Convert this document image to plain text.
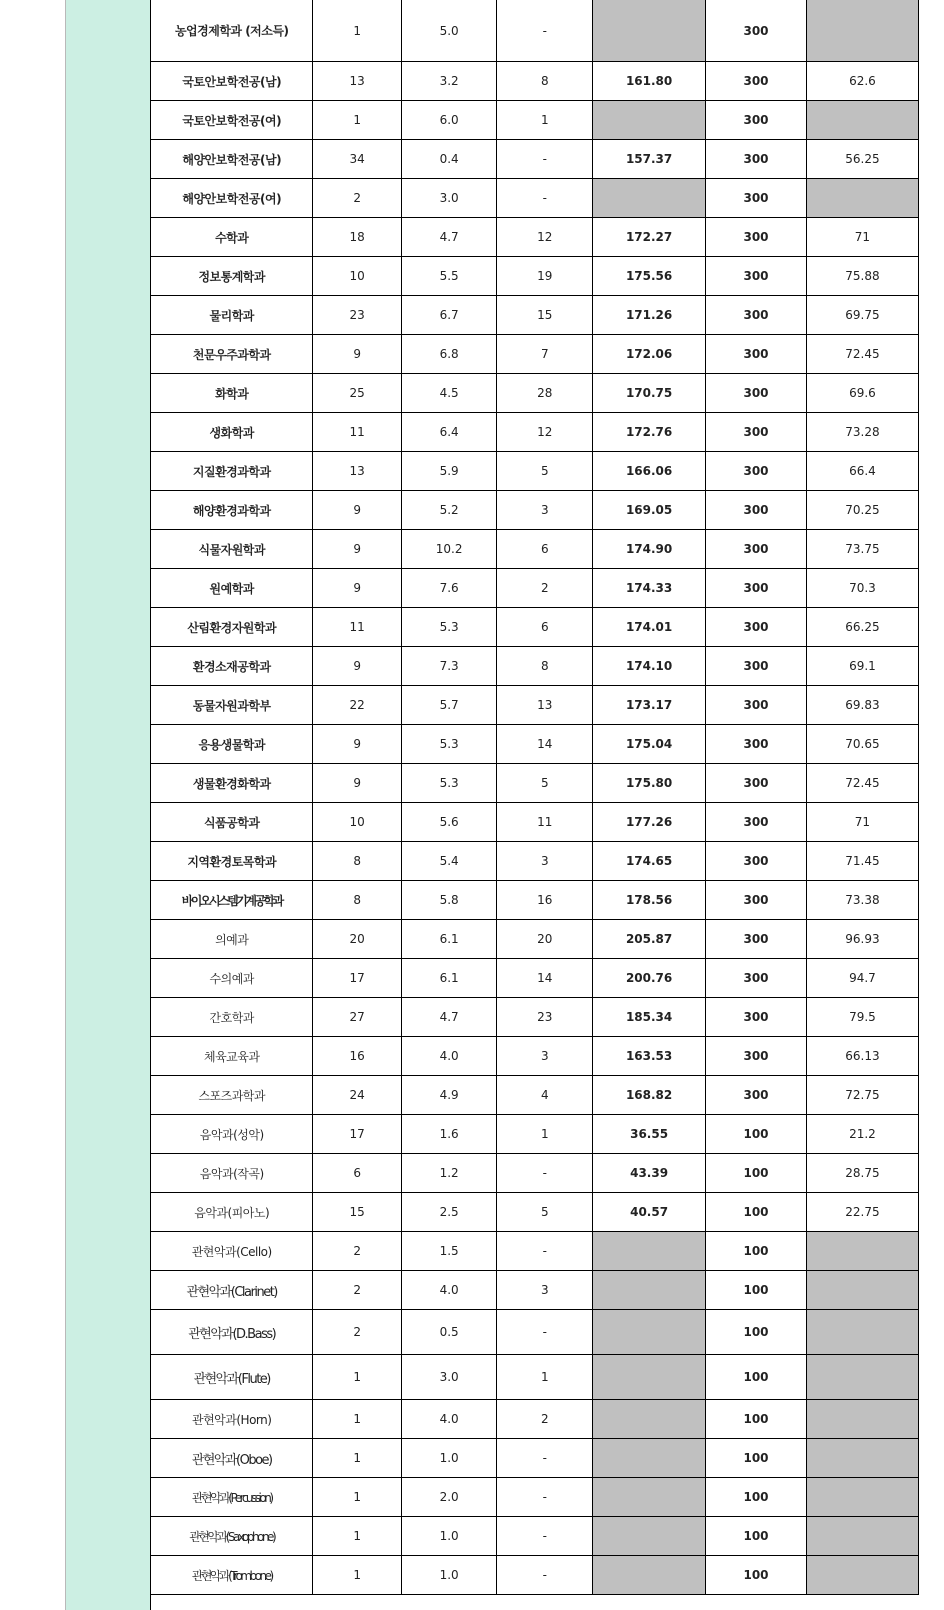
농업경제학과 (저소득)	1	5.0	-		300	
국토안보학전공(남)	13	3.2	8	161.80	300	62.6
국토안보학전공(여)	1	6.0	1		300	
해양안보학전공(남)	34	0.4	-	157.37	300	56.25
해양안보학전공(여)	2	3.0	-		300	
수학과	18	4.7	12	172.27	300	71
정보통계학과	10	5.5	19	175.56	300	75.88
물리학과	23	6.7	15	171.26	300	69.75
천문우주과학과	9	6.8	7	172.06	300	72.45
화학과	25	4.5	28	170.75	300	69.6
생화학과	11	6.4	12	172.76	300	73.28
지질환경과학과	13	5.9	5	166.06	300	66.4
해양환경과학과	9	5.2	3	169.05	300	70.25
식물자원학과	9	10.2	6	174.90	300	73.75
원예학과	9	7.6	2	174.33	300	70.3
산림환경자원학과	11	5.3	6	174.01	300	66.25
환경소재공학과	9	7.3	8	174.10	300	69.1
동물자원과학부	22	5.7	13	173.17	300	69.83
응용생물학과	9	5.3	14	175.04	300	70.65
생물환경화학과	9	5.3	5	175.80	300	72.45
식품공학과	10	5.6	11	177.26	300	71
지역환경토목학과	8	5.4	3	174.65	300	71.45
바이오시스템기계공학과	8	5.8	16	178.56	300	73.38
의예과	20	6.1	20	205.87	300	96.93
수의예과	17	6.1	14	200.76	300	94.7
간호학과	27	4.7	23	185.34	300	79.5
체육교육과	16	4.0	3	163.53	300	66.13
스포즈과학과	24	4.9	4	168.82	300	72.75
음악과(성악)	17	1.6	1	36.55	100	21.2
음악과(작곡)	6	1.2	-	43.39	100	28.75
음악과(피아노)	15	2.5	5	40.57	100	22.75
관현악과(Cello)	2	1.5	-		100	
관현악과(Clarinet)	2	4.0	3		100	
관현악과(D.Bass)	2	0.5	-		100	
관현악과(Flute)	1	3.0	1		100	
관현악과(Horn)	1	4.0	2		100	
관현악과(Oboe)	1	1.0	-		100	
관현악과(Percussion)	1	2.0	-		100	
관현악과(Saxophone)	1	1.0	-		100	
관현악과(Trombone)	1	1.0	-		100	
